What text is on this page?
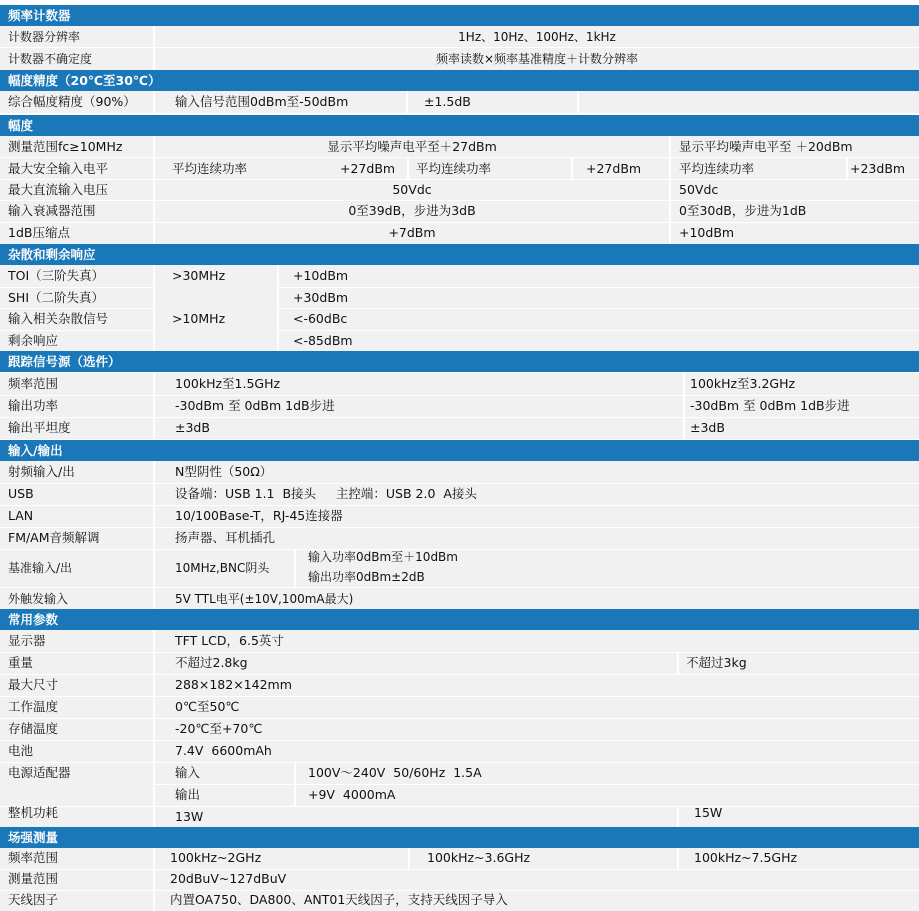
频率计数器
计数器分辨率	1Hz、10Hz、100Hz、1kHz
计数器不确定度	频率读数×频率基准精度＋计数分辨率
幅度精度（20℃至30℃）
综合幅度精度（90%）	输入信号范围0dBm至-50dBm	±1.5dB
幅度
测量范围fc≥10MHz	显示平均噪声电平至＋27dBm	显示平均噪声电平至 ＋20dBm
最大安全输入电平	平均连续功率	+27dBm 平均连续功率	+27dBm	平均连续功率	+23dBm
最大直流输入电压	50Vdc	50Vdc
输入衰减器范围	0至39dB，步进为3dB	0至30dB，步进为1dB
1dB压缩点	+7dBm	+10dBm
杂散和剩余响应
TOI（三阶失真）	>30MHz	+10dBm
SHI（二阶失真）	+30dBm
输入相关杂散信号	>10MHz	<-60dBc
剩余响应	<-85dBm
跟踪信号源（选件）
频率范围	100kHz至1.5GHz	100kHz至3.2GHz
输出功率	-30dBm 至 0dBm 1dB步进	-30dBm 至 0dBm 1dB步进
输出平坦度	±3dB	±3dB
输入/输出
射频输入/出	N型阴性（50Ω）
USB	设备端：USB 1.1  B接头     主控端：USB 2.0  A接头
LAN	10/100Base-T，RJ-45连接器
FM/AM音频解调	扬声器、耳机插孔
基准输入/出	10MHz,BNC阴头
输入功率0dBm至＋10dBm
输出功率0dBm±2dB
外触发输入	5V TTL电平(±10V,100mA最大)
常用参数
显示器	TFT LCD，6.5英寸
重量	不超过2.8kg	不超过3kg
最大尺寸	288×182×142mm
工作温度	0℃至50℃
存储温度	-20℃至+70℃
电池	7.4V  6600mAh
电源适配器	输入	100V～240V  50/60Hz  1.5A
输出	+9V  4000mA
整机功耗	13W	15W
场强测量
频率范围	100kHz~2GHz	100kHz~3.6GHz	100kHz~7.5GHz
测量范围	20dBuV~127dBuV
天线因子	内置OA750、DA800、ANT01天线因子，支持天线因子导入
